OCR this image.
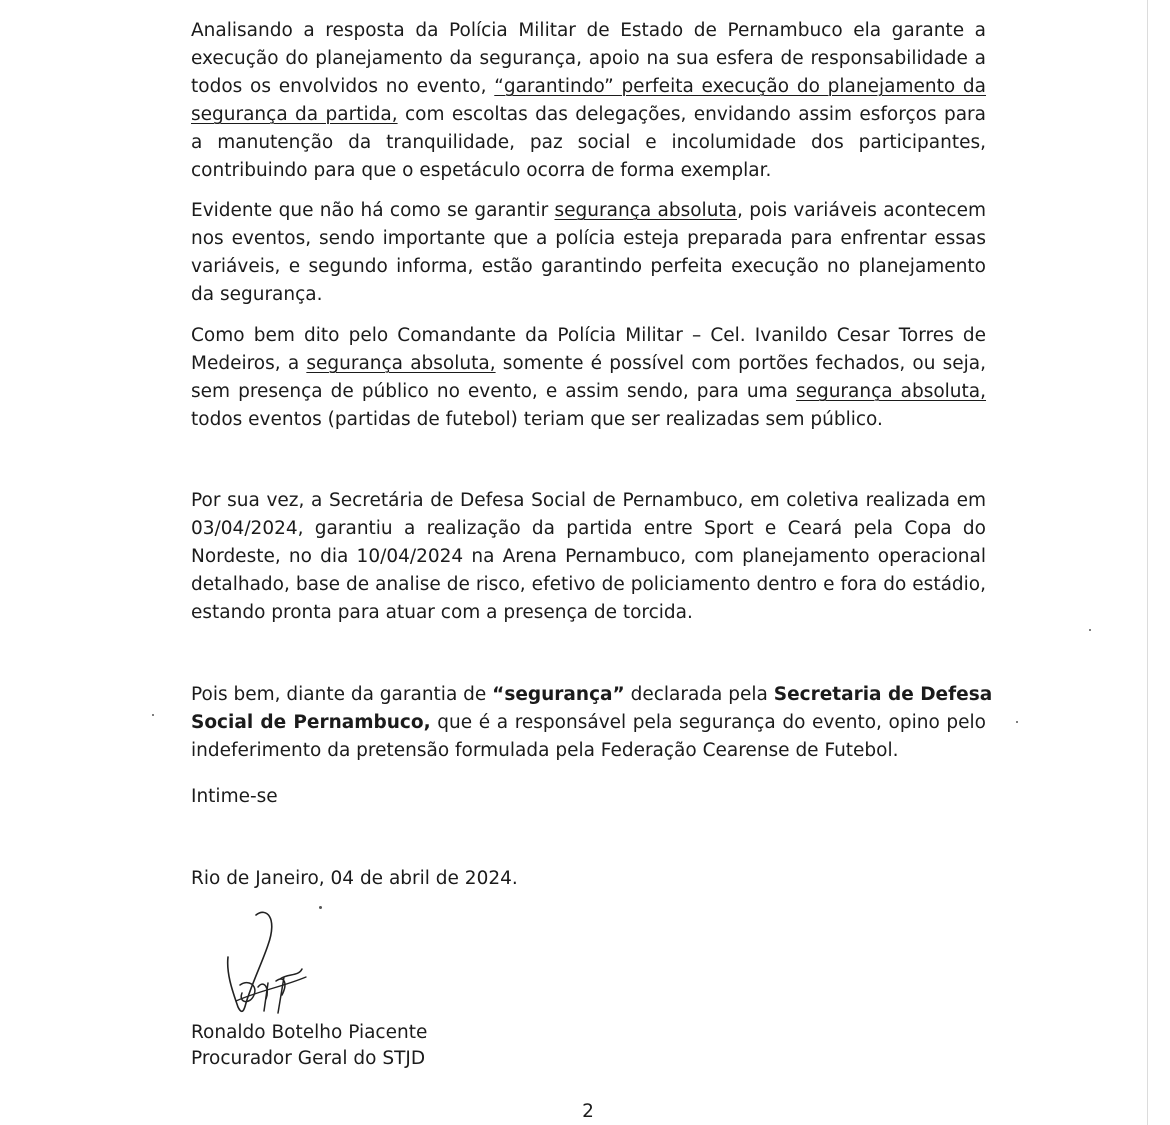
Analisando a resposta da Polícia Militar de Estado de Pernambuco ela garante a
execução do planejamento da segurança, apoio na sua esfera de responsabilidade a
todos os envolvidos no evento, “garantindo” perfeita execução do planejamento da
segurança da partida, com escoltas das delegações, envidando assim esforços para
a manutenção da tranquilidade, paz social e incolumidade dos participantes,
contribuindo para que o espetáculo ocorra de forma exemplar.
Evidente que não há como se garantir segurança absoluta, pois variáveis acontecem
nos eventos, sendo importante que a polícia esteja preparada para enfrentar essas
variáveis, e segundo informa, estão garantindo perfeita execução no planejamento
da segurança.
Como bem dito pelo Comandante da Polícia Militar – Cel. Ivanildo Cesar Torres de
Medeiros, a segurança absoluta, somente é possível com portões fechados, ou seja,
sem presença de público no evento, e assim sendo, para uma segurança absoluta,
todos eventos (partidas de futebol) teriam que ser realizadas sem público.
Por sua vez, a Secretária de Defesa Social de Pernambuco, em coletiva realizada em
03/04/2024, garantiu a realização da partida entre Sport e Ceará pela Copa do
Nordeste, no dia 10/04/2024 na Arena Pernambuco, com planejamento operacional
detalhado, base de analise de risco, efetivo de policiamento dentro e fora do estádio,
estando pronta para atuar com a presença de torcida.
Pois bem, diante da garantia de “segurança” declarada pela Secretaria de Defesa
Social de Pernambuco, que é a responsável pela segurança do evento, opino pelo
indeferimento da pretensão formulada pela Federação Cearense de Futebol.
Intime-se
Rio de Janeiro, 04 de abril de 2024.
Ronaldo Botelho Piacente
Procurador Geral do STJD
2
